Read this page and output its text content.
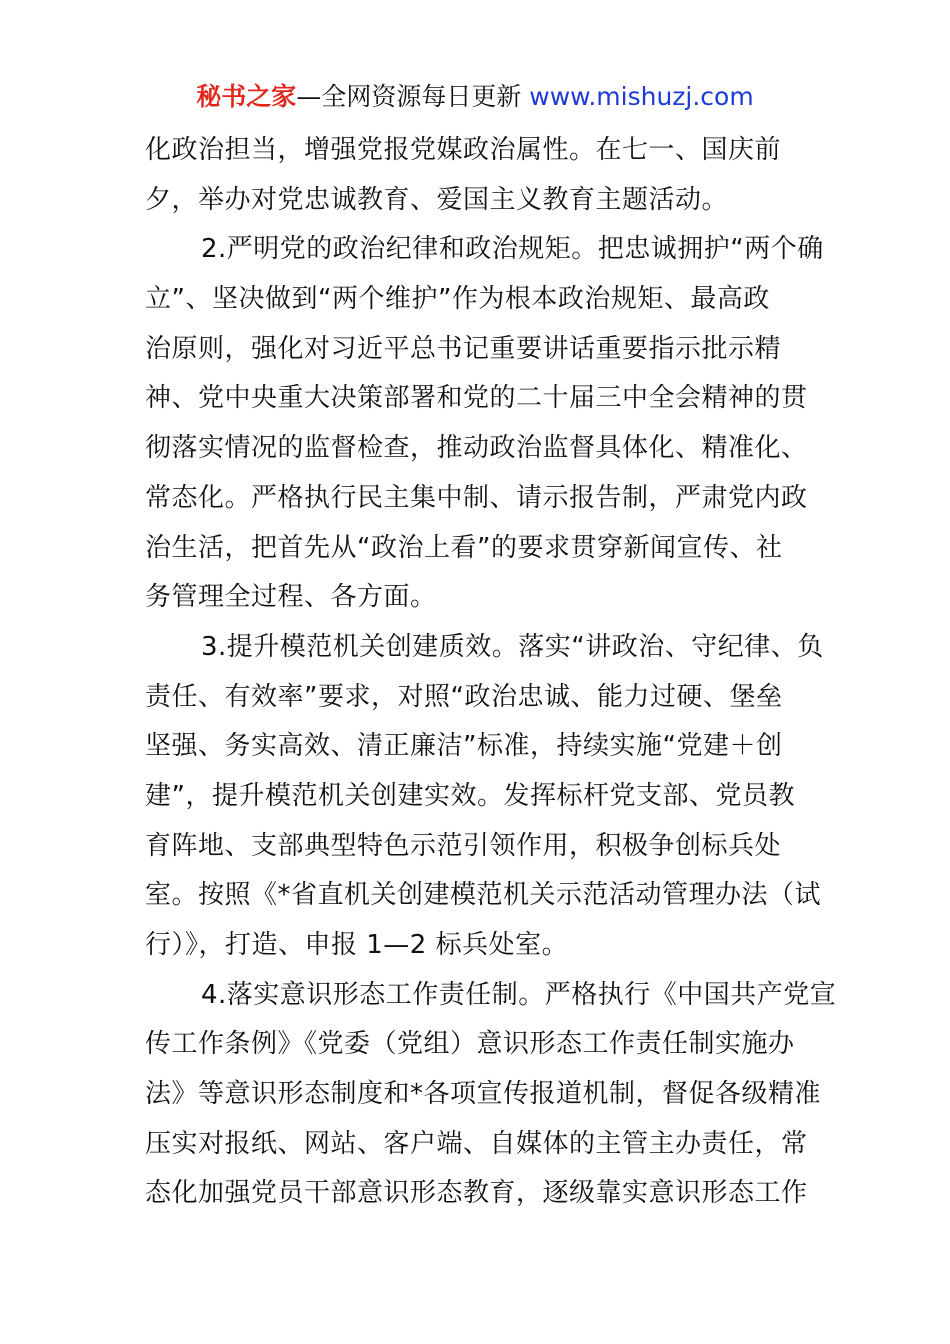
秘书之家—全网资源每日更新 www.mishuzj.com
化政治担当，增强党报党媒政治属性。在七一、国庆前
夕，举办对党忠诚教育、爱国主义教育主题活动。
2.严明党的政治纪律和政治规矩。把忠诚拥护“两个确
立”、坚决做到“两个维护”作为根本政治规矩、最高政
治原则，强化对习近平总书记重要讲话重要指示批示精
神、党中央重大决策部署和党的二十届三中全会精神的贯
彻落实情况的监督检查，推动政治监督具体化、精准化、
常态化。严格执行民主集中制、请示报告制，严肃党内政
治生活，把首先从“政治上看”的要求贯穿新闻宣传、社
务管理全过程、各方面。
3.提升模范机关创建质效。落实“讲政治、守纪律、负
责任、有效率”要求，对照“政治忠诚、能力过硬、堡垒
坚强、务实高效、清正廉洁”标准，持续实施“党建＋创
建”，提升模范机关创建实效。发挥标杆党支部、党员教
育阵地、支部典型特色示范引领作用，积极争创标兵处
室。按照《*省直机关创建模范机关示范活动管理办法（试
行）》，打造、申报 1—2 标兵处室。
4.落实意识形态工作责任制。严格执行《中国共产党宣
传工作条例》《党委（党组）意识形态工作责任制实施办
法》等意识形态制度和*各项宣传报道机制，督促各级精准
压实对报纸、网站、客户端、自媒体的主管主办责任，常
态化加强党员干部意识形态教育，逐级靠实意识形态工作
